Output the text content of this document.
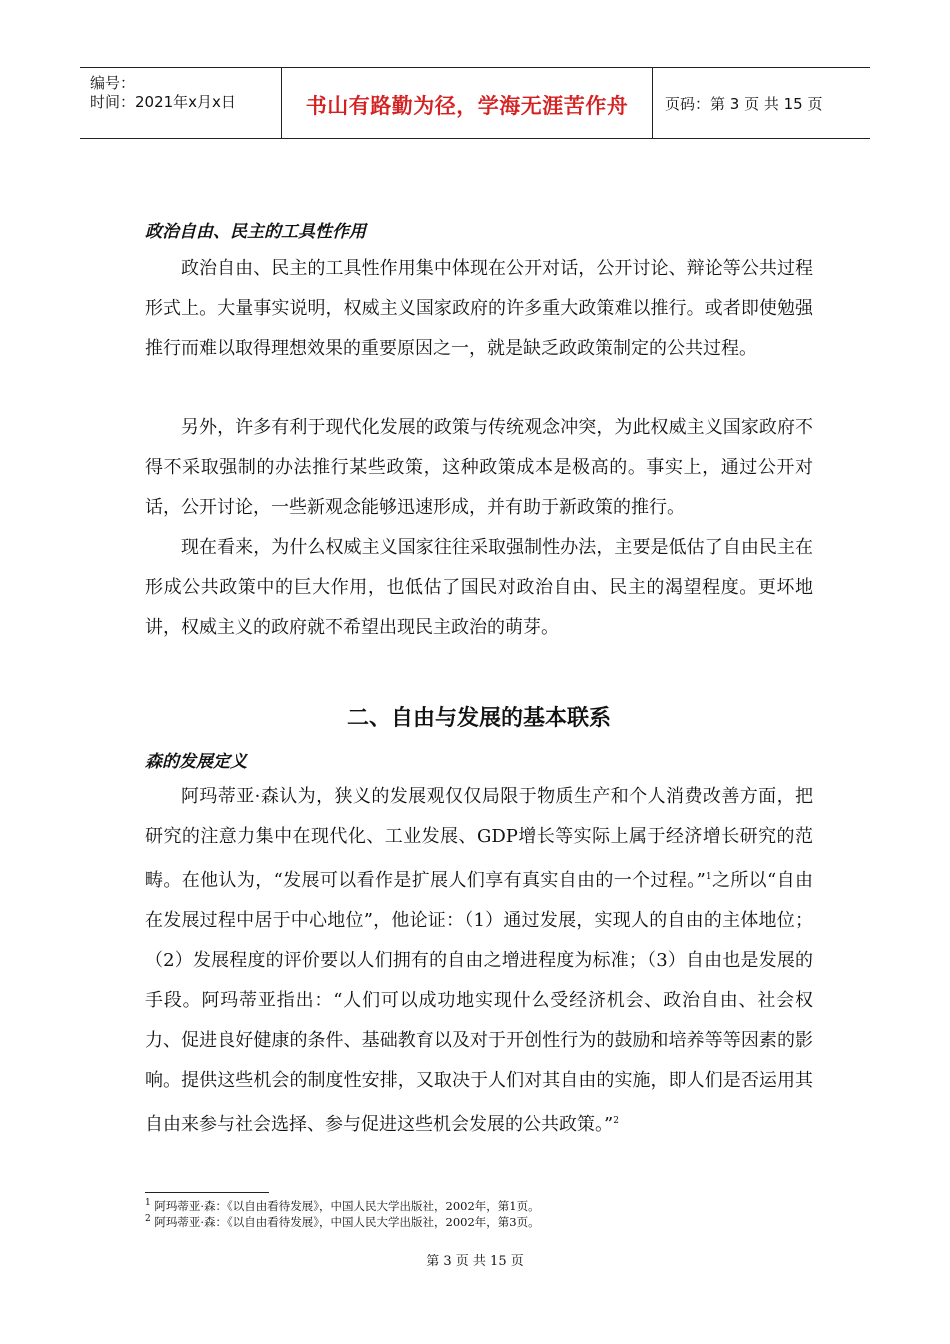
编号：
时间：2021年x月x日	书山有路勤为径，学海无涯苦作舟	页码：第 3 页 共 15 页
政治自由、民主的工具性作用

政治自由、民主的工具性作用集中体现在公开对话，公开讨论、辩论等公共过程形式上。大量事实说明，权威主义国家政府的许多重大政策难以推行。或者即使勉强推行而难以取得理想效果的重要原因之一，就是缺乏政政策制定的公共过程。

另外，许多有利于现代化发展的政策与传统观念冲突，为此权威主义国家政府不得不采取强制的办法推行某些政策，这种政策成本是极高的。事实上，通过公开对话，公开讨论，一些新观念能够迅速形成，并有助于新政策的推行。

现在看来，为什么权威主义国家往往采取强制性办法，主要是低估了自由民主在形成公共政策中的巨大作用，也低估了国民对政治自由、民主的渴望程度。更坏地讲，权威主义的政府就不希望出现民主政治的萌芽。

二、自由与发展的基本联系
森的发展定义

阿玛蒂亚·森认为，狭义的发展观仅仅局限于物质生产和个人消费改善方面，把研究的注意力集中在现代化、工业发展、GDP增长等实际上属于经济增长研究的范畴。在他认为，“发展可以看作是扩展人们享有真实自由的一个过程。”$^1$之所以“自由在发展过程中居于中心地位”，他论证：（1）通过发展，实现人的自由的主体地位；（2）发展程度的评价要以人们拥有的自由之增进程度为标准；（3）自由也是发展的手段。阿玛蒂亚指出：“人们可以成功地实现什么受经济机会、政治自由、社会权力、促进良好健康的条件、基础教育以及对于开创性行为的鼓励和培养等等因素的影响。提供这些机会的制度性安排，又取决于人们对其自由的实施，即人们是否运用其自由来参与社会选择、参与促进这些机会发展的公共政策。”$^2$

$^1$ 阿玛蒂亚·森：《以自由看待发展》，中国人民大学出版社，2002年，第1页。
$^2$ 阿玛蒂亚·森：《以自由看待发展》，中国人民大学出版社，2002年，第3页。
第 3 页 共 15 页
